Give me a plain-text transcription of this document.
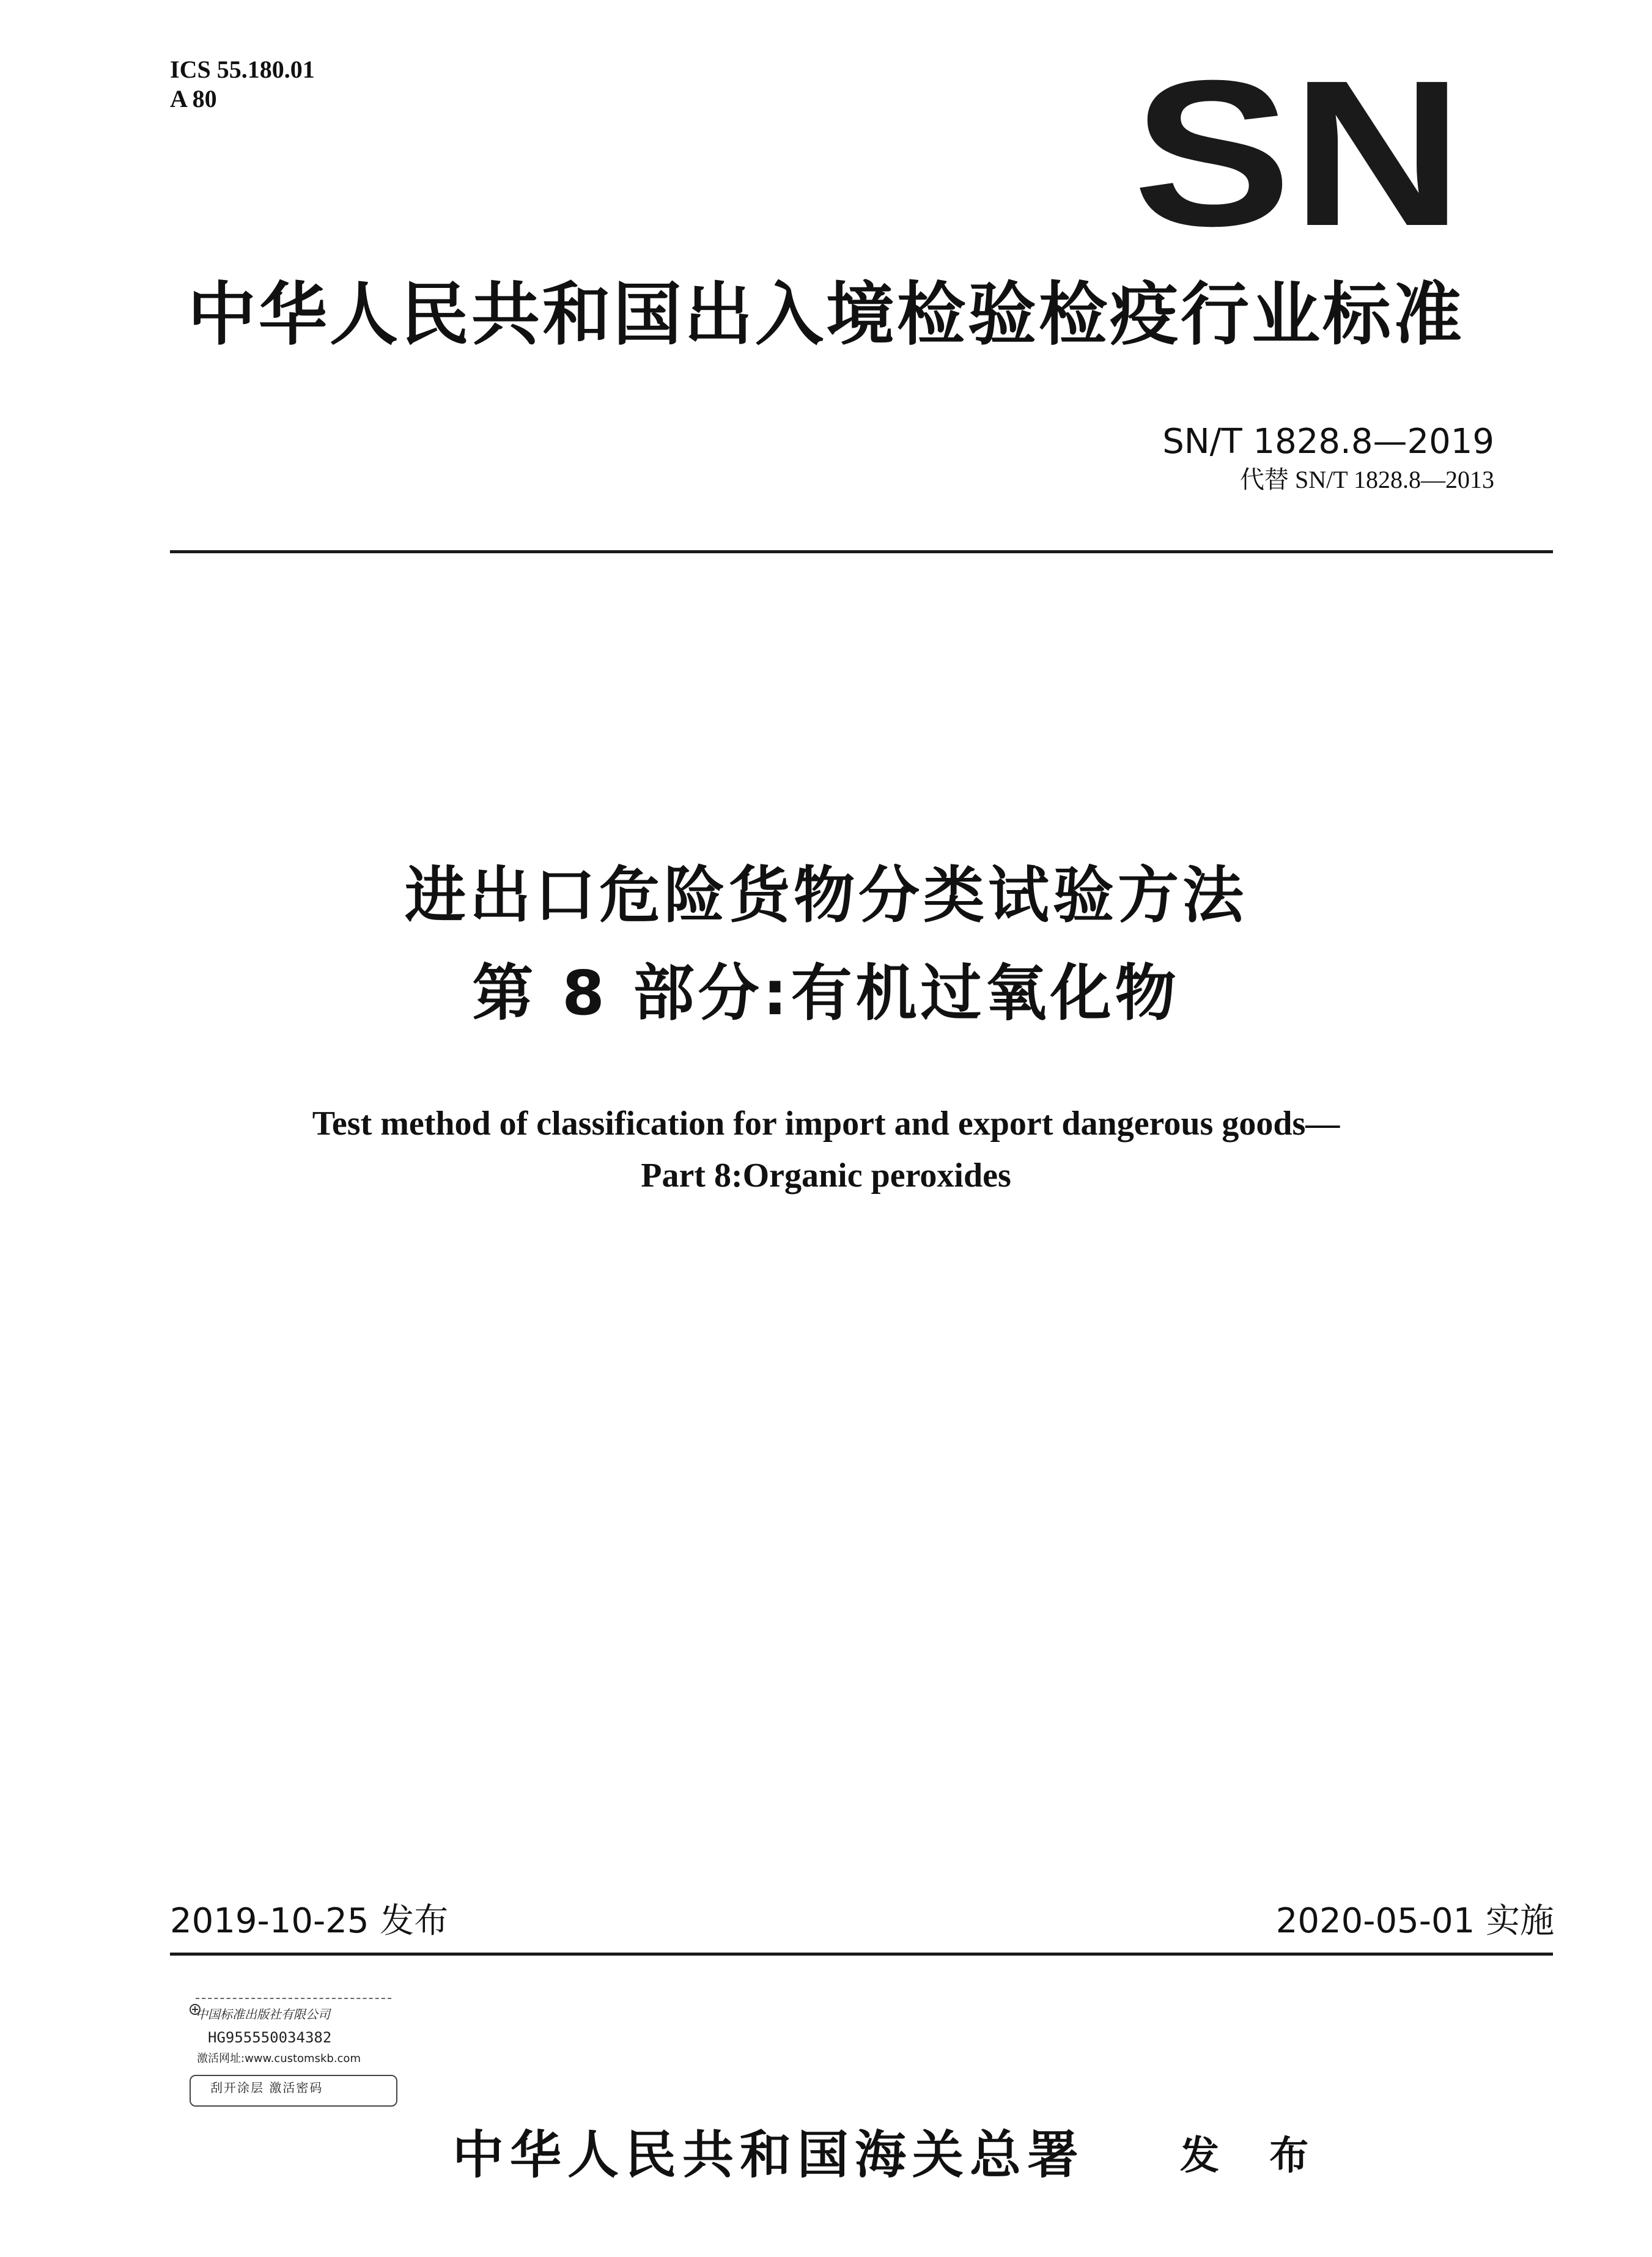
ICS 55.180.01
A 80	SN
中华人民共和国出入境检验检疫行业标准
SN/T 1828.8—2019
代替 SN/T 1828.8—2013
进出口危险货物分类试验方法
第 8 部分:有机过氧化物
Test method of classification for import and export dangerous goods—
Part 8:Organic peroxides
2019-10-25 发布	2020-05-01 实施
中国标准出版社有限公司
HG955550034382
激活网址:www.customskb.com
刮开涂层 激活密码
中华人民共和国海关总署 发 布
